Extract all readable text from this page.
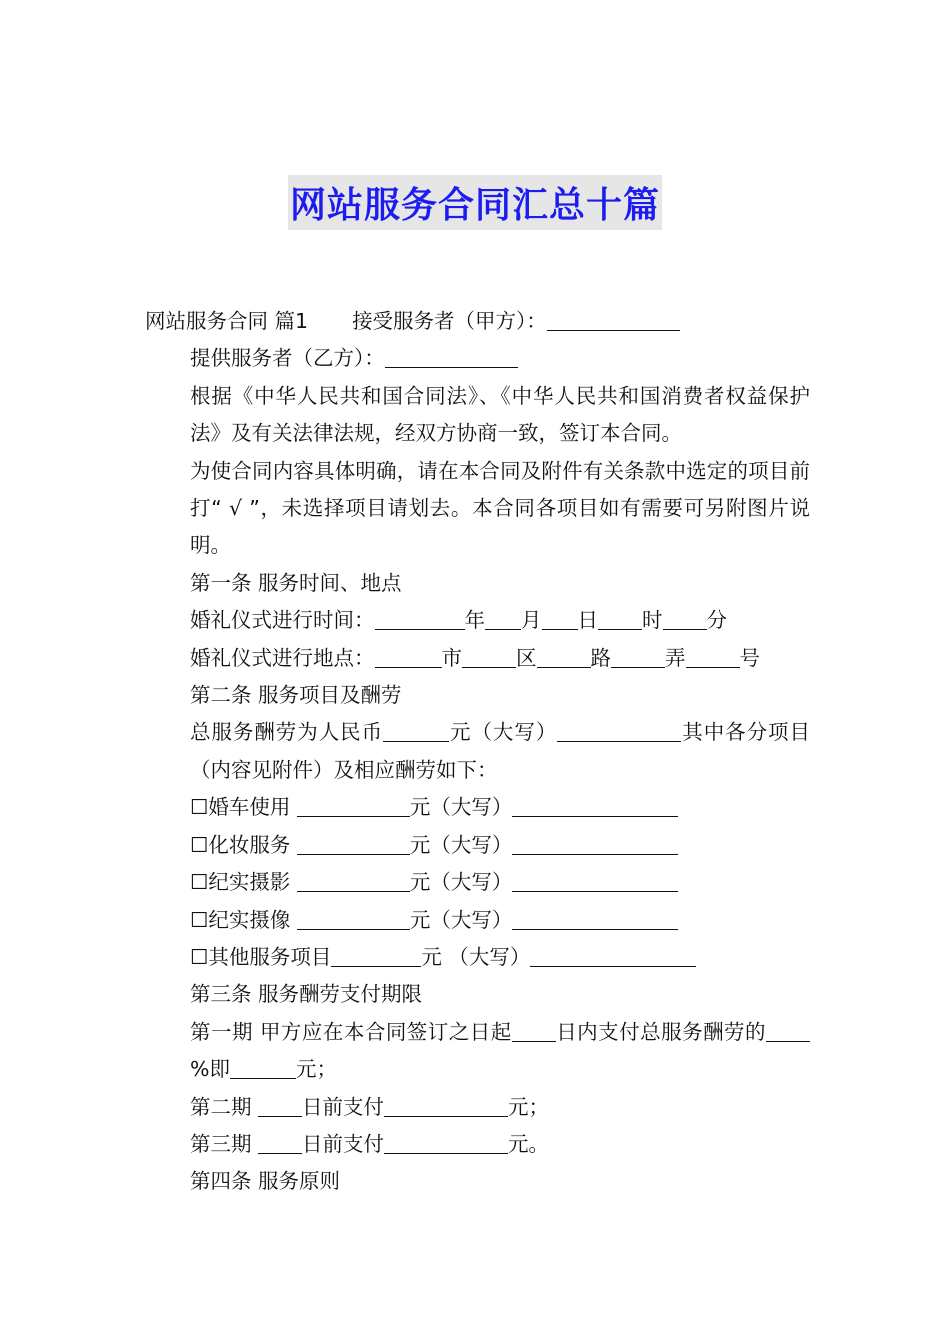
网站服务合同汇总十篇

网站服务合同 篇1 接受服务者（甲方）：

提供服务者（乙方）：

根据《中华人民共和国合同法》、《中华人民共和国消费者权益保护法》及有关法律法规，经双方协商一致，签订本合同。

为使合同内容具体明确，请在本合同及附件有关条款中选定的项目前打“ √ ”，未选择项目请划去。本合同各项目如有需要可另附图片说明。

第一条 服务时间、地点

婚礼仪式进行时间：	年 月 日 时 分

婚礼仪式进行地点：	市	区	路	弄	号

第二条 服务项目及酬劳

总服务酬劳为人民币	元（大写）	其中各分项目（内容见附件）及相应酬劳如下：

☐婚车使用	元（大写）

☐化妆服务	元（大写）

☐纪实摄影	元（大写）

☐纪实摄像	元（大写）

☐其他服务项目	元 （大写）

第三条 服务酬劳支付期限

第一期 甲方应在本合同签订之日起 日内支付总服务酬劳的%即	元；

第二期 日前支付	元；

第三期 日前支付	元。

第四条 服务原则
